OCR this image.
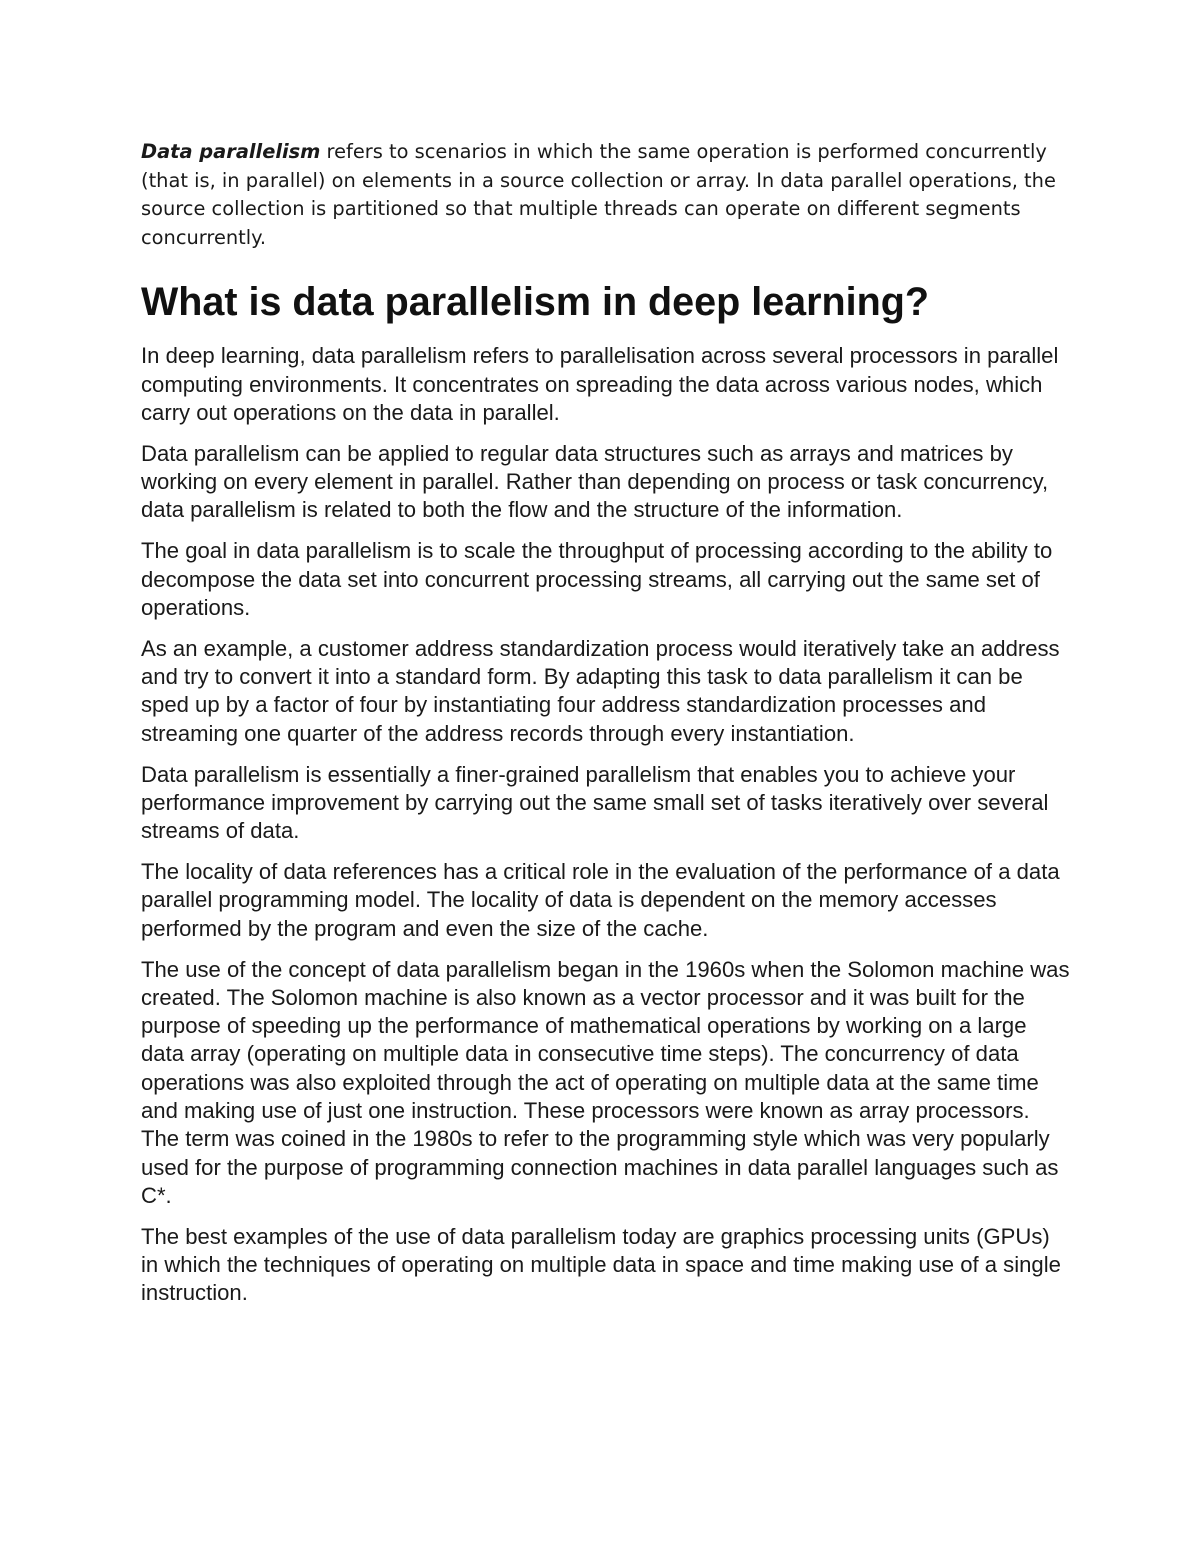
Data parallelism refers to scenarios in which the same operation is performed concurrently (that is, in parallel) on elements in a source collection or array. In data parallel operations, the source collection is partitioned so that multiple threads can operate on different segments concurrently.

What is data parallelism in deep learning?

In deep learning, data parallelism refers to parallelisation across several processors in parallel computing environments. It concentrates on spreading the data across various nodes, which carry out operations on the data in parallel.

Data parallelism can be applied to regular data structures such as arrays and matrices by working on every element in parallel. Rather than depending on process or task concurrency, data parallelism is related to both the flow and the structure of the information.

The goal in data parallelism is to scale the throughput of processing according to the ability to decompose the data set into concurrent processing streams, all carrying out the same set of operations.

As an example, a customer address standardization process would iteratively take an address and try to convert it into a standard form. By adapting this task to data parallelism it can be sped up by a factor of four by instantiating four address standardization processes and streaming one quarter of the address records through every instantiation.

Data parallelism is essentially a finer-grained parallelism that enables you to achieve your performance improvement by carrying out the same small set of tasks iteratively over several streams of data.

The locality of data references has a critical role in the evaluation of the performance of a data parallel programming model. The locality of data is dependent on the memory accesses performed by the program and even the size of the cache.

The use of the concept of data parallelism began in the 1960s when the Solomon machine was created. The Solomon machine is also known as a vector processor and it was built for the purpose of speeding up the performance of mathematical operations by working on a large data array (operating on multiple data in consecutive time steps). The concurrency of data operations was also exploited through the act of operating on multiple data at the same time and making use of just one instruction. These processors were known as array processors. The term was coined in the 1980s to refer to the programming style which was very popularly used for the purpose of programming connection machines in data parallel languages such as C*.

The best examples of the use of data parallelism today are graphics processing units (GPUs) in which the techniques of operating on multiple data in space and time making use of a single instruction.
